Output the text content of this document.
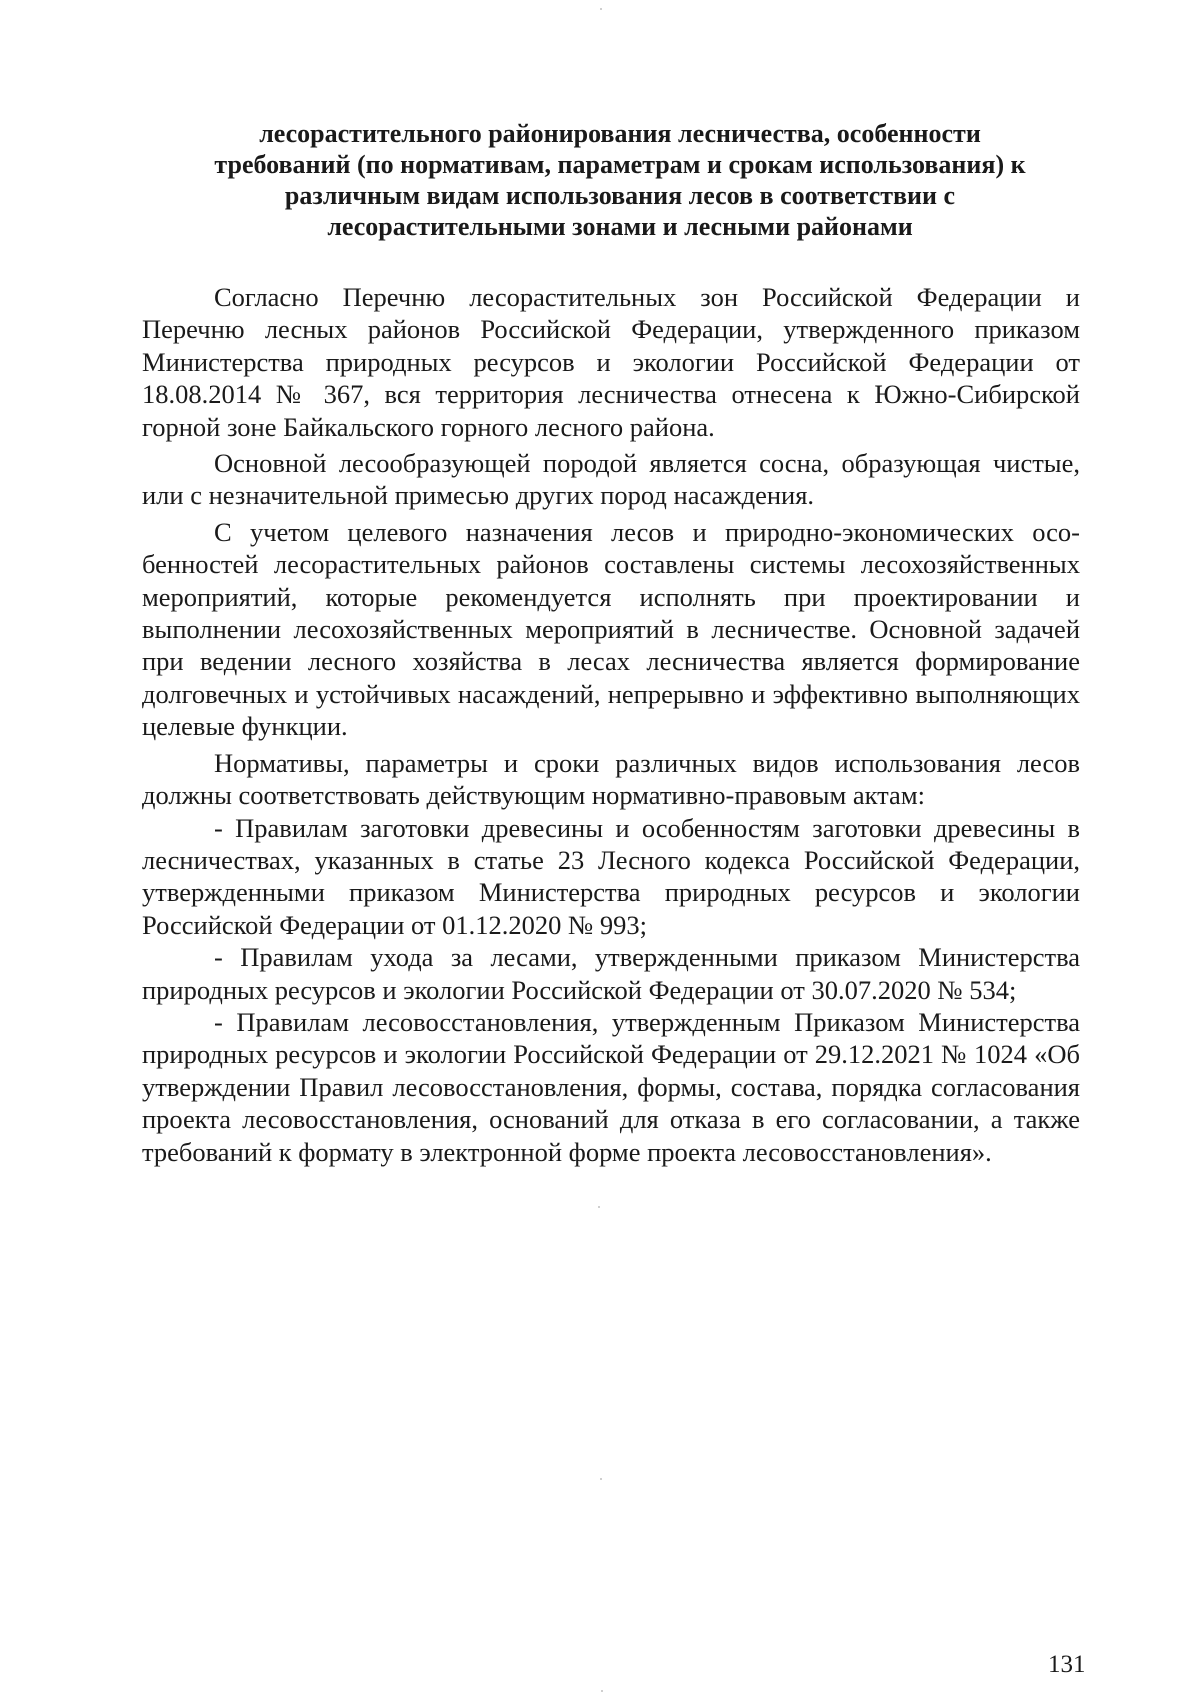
лесорастительного районирования лесничества, особенности
требований (по нормативам, параметрам и срокам использования) к
различным видам использования лесов в соответствии с
лесорастительными зонами и лесными районами

Согласно Перечню лесорастительных зон Российской Федерации и Перечню лесных районов Российской Федерации, утвержденного приказом Министерства природных ресурсов и экологии Российской Федерации от 18.08.2014 № 367, вся территория лесничества отнесена к Южно-Сибирской горной зоне Байкальского горного лесного района.

Основной лесообразующей породой является сосна, образующая чистые, или с незначительной примесью других пород насаждения.

С учетом целевого назначения лесов и природно-экономических особенностей лесорастительных районов составлены системы лесохозяйственных мероприятий, которые рекомендуется исполнять при проектировании и выполнении лесохозяйственных мероприятий в лесничестве. Основной задачей при ведении лесного хозяйства в лесах лесничества является формирование долговечных и устойчивых насаждений, непрерывно и эффективно выполняющих целевые функции.

Нормативы, параметры и сроки различных видов использования лесов должны соответствовать действующим нормативно-правовым актам:

- Правилам заготовки древесины и особенностям заготовки древесины в лесничествах, указанных в статье 23 Лесного кодекса Российской Федерации, утвержденными приказом Министерства природных ресурсов и экологии Российской Федерации от 01.12.2020 № 993;

- Правилам ухода за лесами, утвержденными приказом Министерства природных ресурсов и экологии Российской Федерации от 30.07.2020 № 534;

- Правилам лесовосстановления, утвержденным Приказом Министерства природных ресурсов и экологии Российской Федерации от 29.12.2021 № 1024 «Об утверждении Правил лесовосстановления, формы, состава, порядка согласования проекта лесовосстановления, оснований для отказа в его согласовании, а также требований к формату в электронной форме проекта лесовосстановления».

131
